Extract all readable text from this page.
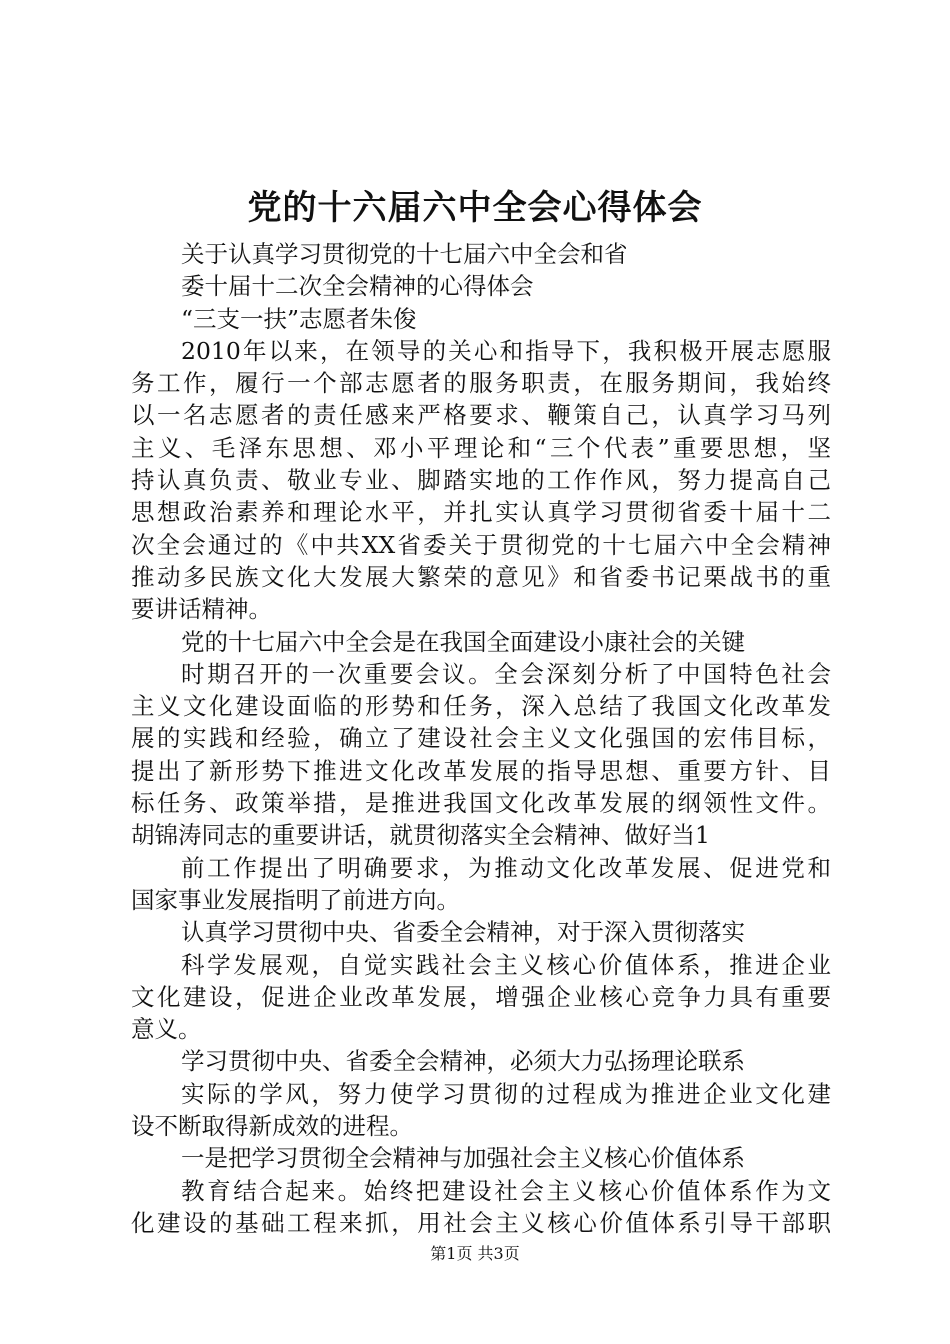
党的十六届六中全会心得体会
关于认真学习贯彻党的十七届六中全会和省
委十届十二次全会精神的心得体会
“三支一扶”志愿者朱俊
2010年以来，在领导的关心和指导下，我积极开展志愿服
务工作，履行一个部志愿者的服务职责，在服务期间，我始终
以一名志愿者的责任感来严格要求、鞭策自己，认真学习马列
主义、毛泽东思想、邓小平理论和“三个代表”重要思想，坚
持认真负责、敬业专业、脚踏实地的工作作风，努力提高自己
思想政治素养和理论水平，并扎实认真学习贯彻省委十届十二
次全会通过的《中共XX省委关于贯彻党的十七届六中全会精神
推动多民族文化大发展大繁荣的意见》和省委书记栗战书的重
要讲话精神。
党的十七届六中全会是在我国全面建设小康社会的关键
时期召开的一次重要会议。全会深刻分析了中国特色社会
主义文化建设面临的形势和任务，深入总结了我国文化改革发
展的实践和经验，确立了建设社会主义文化强国的宏伟目标，
提出了新形势下推进文化改革发展的指导思想、重要方针、目
标任务、政策举措，是推进我国文化改革发展的纲领性文件。
胡锦涛同志的重要讲话，就贯彻落实全会精神、做好当1
前工作提出了明确要求，为推动文化改革发展、促进党和
国家事业发展指明了前进方向。
认真学习贯彻中央、省委全会精神，对于深入贯彻落实
科学发展观，自觉实践社会主义核心价值体系，推进企业
文化建设，促进企业改革发展，增强企业核心竞争力具有重要
意义。
学习贯彻中央、省委全会精神，必须大力弘扬理论联系
实际的学风，努力使学习贯彻的过程成为推进企业文化建
设不断取得新成效的进程。
一是把学习贯彻全会精神与加强社会主义核心价值体系
教育结合起来。始终把建设社会主义核心价值体系作为文
化建设的基础工程来抓，用社会主义核心价值体系引导干部职
第1页 共3页
